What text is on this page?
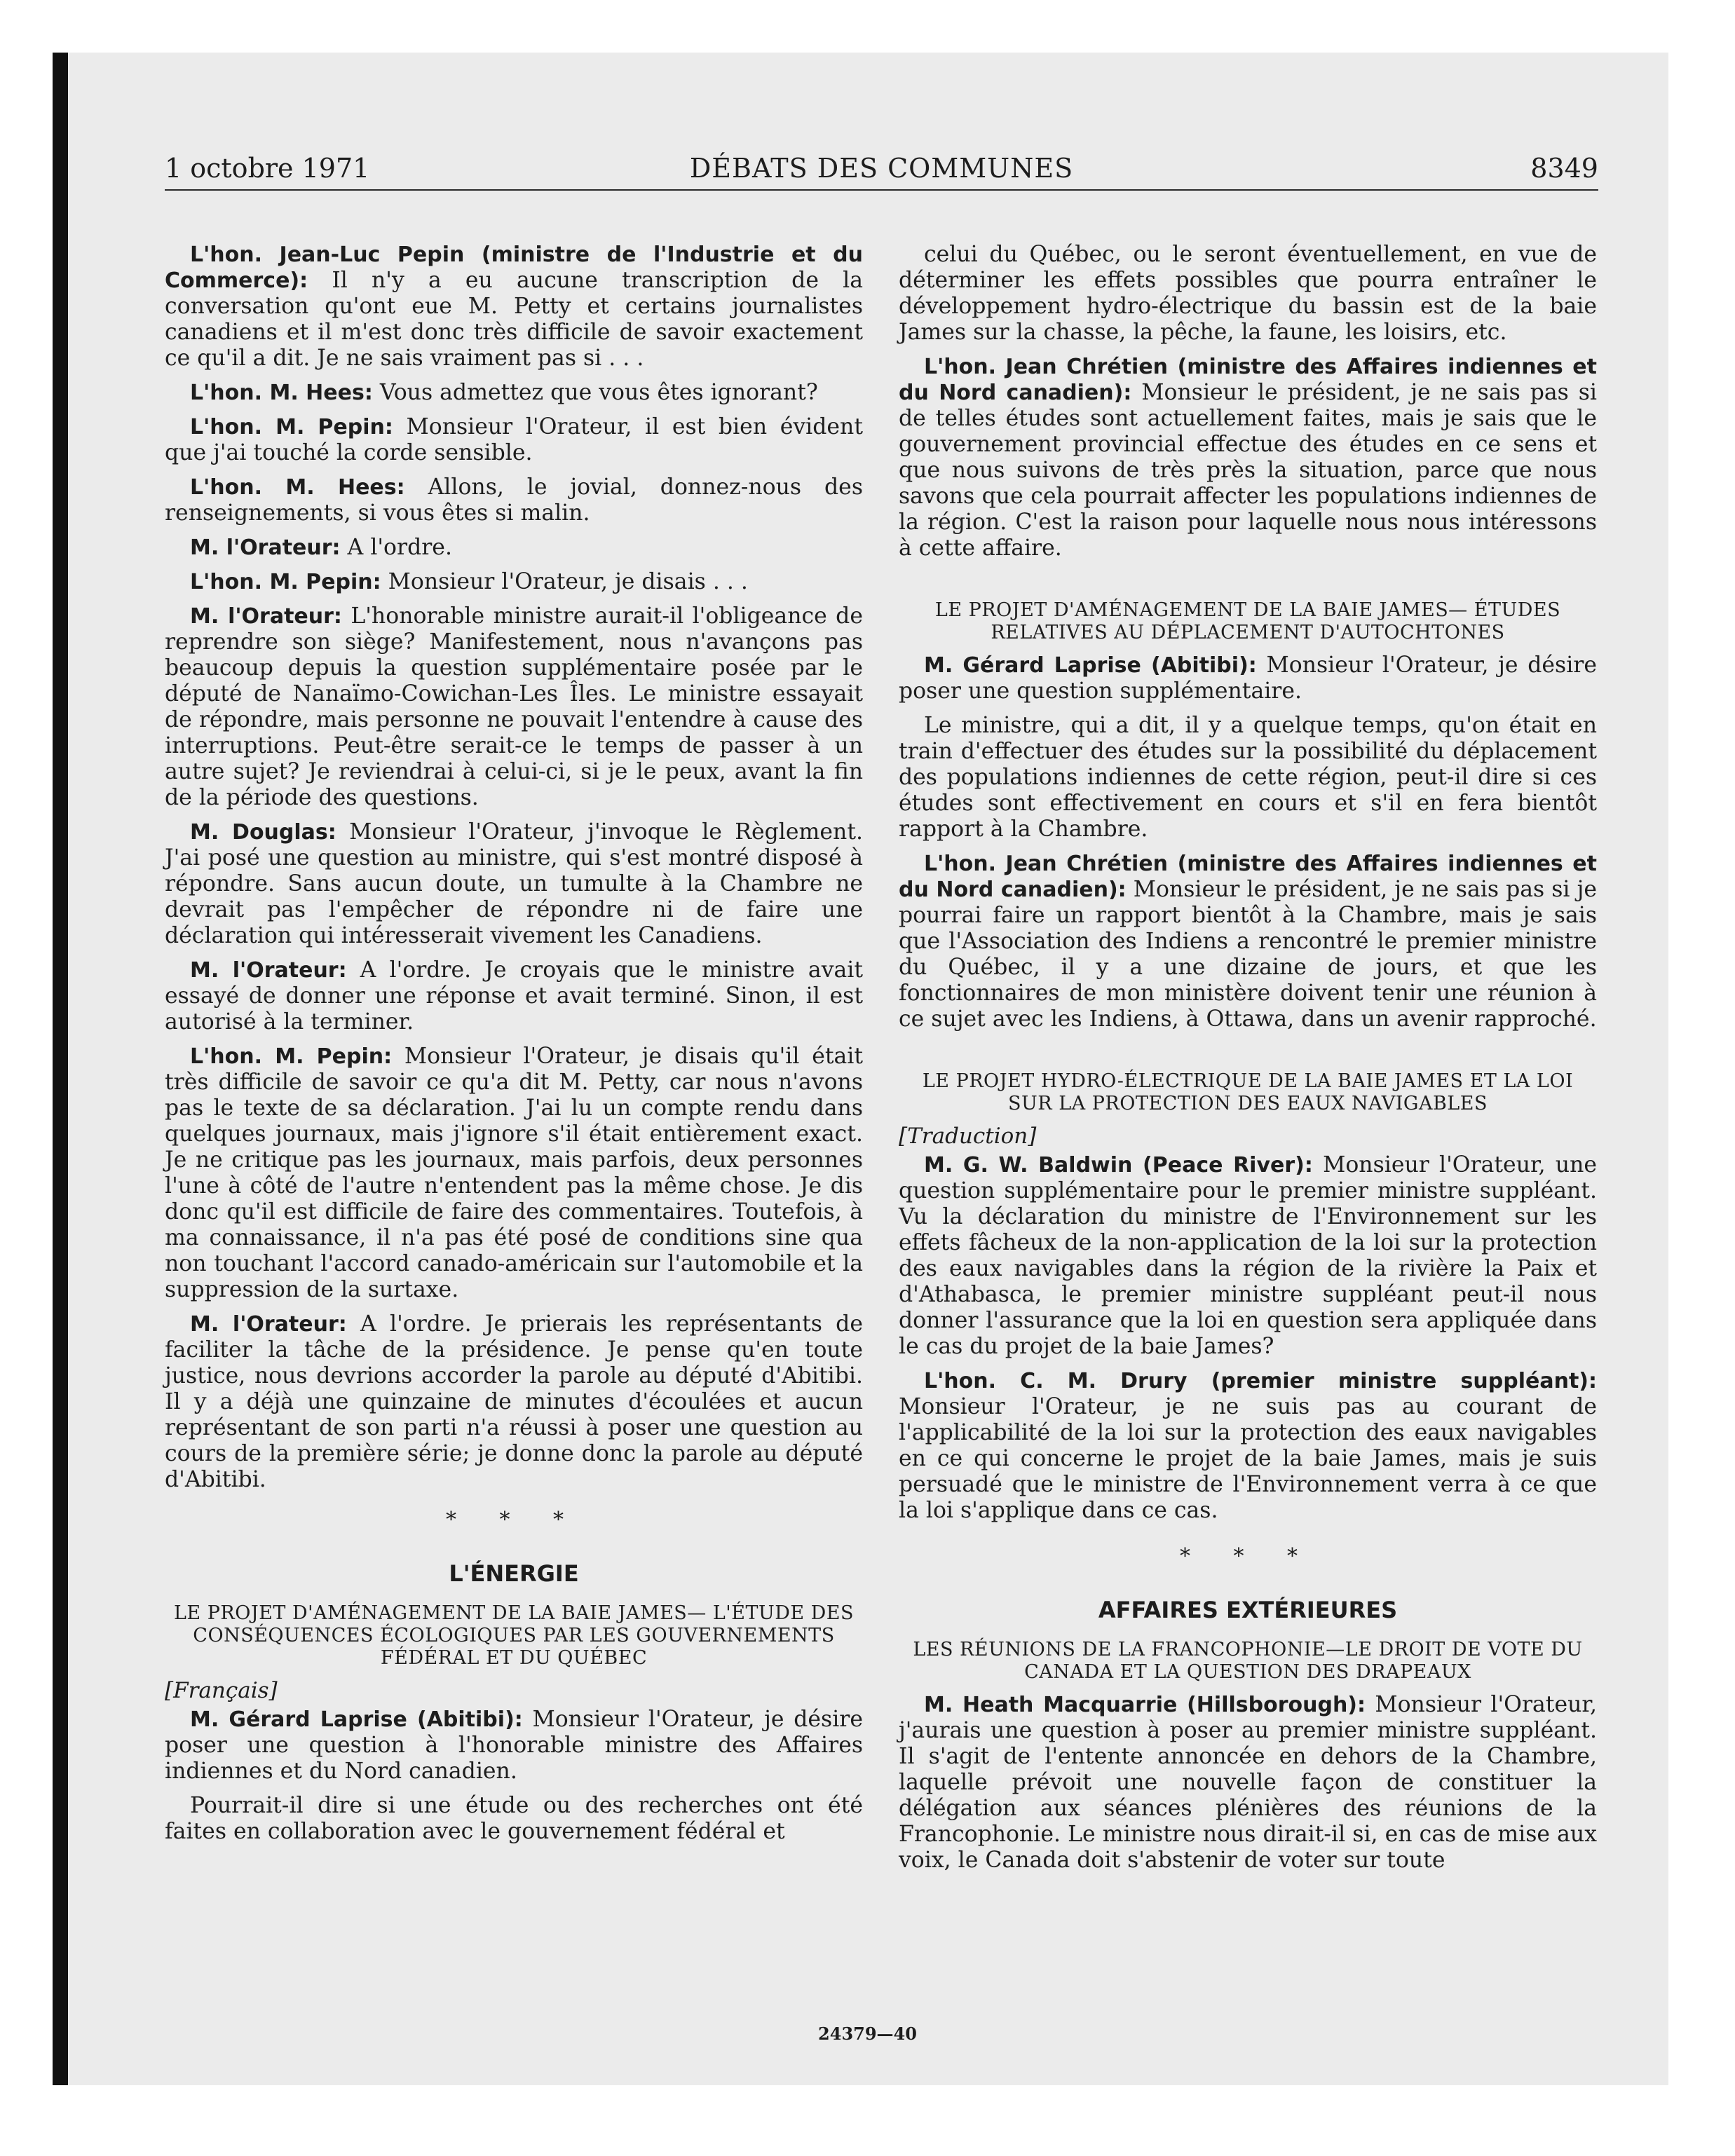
1 octobre 1971	DÉBATS DES COMMUNES	8349

L'hon. Jean-Luc Pepin (ministre de l'Industrie et du Commerce): Il n'y a eu aucune transcription de la conversation qu'ont eue M. Petty et certains journalistes canadiens et il m'est donc très difficile de savoir exactement ce qu'il a dit. Je ne sais vraiment pas si . . .

L'hon. M. Hees: Vous admettez que vous êtes ignorant?

L'hon. M. Pepin: Monsieur l'Orateur, il est bien évident que j'ai touché la corde sensible.

L'hon. M. Hees: Allons, le jovial, donnez-nous des renseignements, si vous êtes si malin.

M. l'Orateur: A l'ordre.

L'hon. M. Pepin: Monsieur l'Orateur, je disais . . .

M. l'Orateur: L'honorable ministre aurait-il l'obligeance de reprendre son siège? Manifestement, nous n'avançons pas beaucoup depuis la question supplémentaire posée par le député de Nanaïmo-Cowichan-Les Îles. Le ministre essayait de répondre, mais personne ne pouvait l'entendre à cause des interruptions. Peut-être serait-ce le temps de passer à un autre sujet? Je reviendrai à celui-ci, si je le peux, avant la fin de la période des questions.

M. Douglas: Monsieur l'Orateur, j'invoque le Règlement. J'ai posé une question au ministre, qui s'est montré disposé à répondre. Sans aucun doute, un tumulte à la Chambre ne devrait pas l'empêcher de répondre ni de faire une déclaration qui intéresserait vivement les Canadiens.

M. l'Orateur: A l'ordre. Je croyais que le ministre avait essayé de donner une réponse et avait terminé. Sinon, il est autorisé à la terminer.

L'hon. M. Pepin: Monsieur l'Orateur, je disais qu'il était très difficile de savoir ce qu'a dit M. Petty, car nous n'avons pas le texte de sa déclaration. J'ai lu un compte rendu dans quelques journaux, mais j'ignore s'il était entièrement exact. Je ne critique pas les journaux, mais parfois, deux personnes l'une à côté de l'autre n'entendent pas la même chose. Je dis donc qu'il est difficile de faire des commentaires. Toutefois, à ma connaissance, il n'a pas été posé de conditions sine qua non touchant l'accord canado-américain sur l'automobile et la suppression de la surtaxe.

M. l'Orateur: A l'ordre. Je prierais les représentants de faciliter la tâche de la présidence. Je pense qu'en toute justice, nous devrions accorder la parole au député d'Abitibi. Il y a déjà une quinzaine de minutes d'écoulées et aucun représentant de son parti n'a réussi à poser une question au cours de la première série; je donne donc la parole au député d'Abitibi.

* * *
L'ÉNERGIE
LE PROJET D'AMÉNAGEMENT DE LA BAIE JAMES— L'ÉTUDE DES CONSÉQUENCES ÉCOLOGIQUES PAR LES GOUVERNEMENTS FÉDÉRAL ET DU QUÉBEC
[Français]

M. Gérard Laprise (Abitibi): Monsieur l'Orateur, je désire poser une question à l'honorable ministre des Affaires indiennes et du Nord canadien.

Pourrait-il dire si une étude ou des recherches ont été faites en collaboration avec le gouvernement fédéral et

celui du Québec, ou le seront éventuellement, en vue de déterminer les effets possibles que pourra entraîner le développement hydro-électrique du bassin est de la baie James sur la chasse, la pêche, la faune, les loisirs, etc.

L'hon. Jean Chrétien (ministre des Affaires indiennes et du Nord canadien): Monsieur le président, je ne sais pas si de telles études sont actuellement faites, mais je sais que le gouvernement provincial effectue des études en ce sens et que nous suivons de très près la situation, parce que nous savons que cela pourrait affecter les populations indiennes de la région. C'est la raison pour laquelle nous nous intéressons à cette affaire.

LE PROJET D'AMÉNAGEMENT DE LA BAIE JAMES— ÉTUDES RELATIVES AU DÉPLACEMENT D'AUTOCHTONES

M. Gérard Laprise (Abitibi): Monsieur l'Orateur, je désire poser une question supplémentaire.

Le ministre, qui a dit, il y a quelque temps, qu'on était en train d'effectuer des études sur la possibilité du déplacement des populations indiennes de cette région, peut-il dire si ces études sont effectivement en cours et s'il en fera bientôt rapport à la Chambre.

L'hon. Jean Chrétien (ministre des Affaires indiennes et du Nord canadien): Monsieur le président, je ne sais pas si je pourrai faire un rapport bientôt à la Chambre, mais je sais que l'Association des Indiens a rencontré le premier ministre du Québec, il y a une dizaine de jours, et que les fonctionnaires de mon ministère doivent tenir une réunion à ce sujet avec les Indiens, à Ottawa, dans un avenir rapproché.

LE PROJET HYDRO-ÉLECTRIQUE DE LA BAIE JAMES ET LA LOI SUR LA PROTECTION DES EAUX NAVIGABLES
[Traduction]

M. G. W. Baldwin (Peace River): Monsieur l'Orateur, une question supplémentaire pour le premier ministre suppléant. Vu la déclaration du ministre de l'Environnement sur les effets fâcheux de la non-application de la loi sur la protection des eaux navigables dans la région de la rivière la Paix et d'Athabasca, le premier ministre suppléant peut-il nous donner l'assurance que la loi en question sera appliquée dans le cas du projet de la baie James?

L'hon. C. M. Drury (premier ministre suppléant): Monsieur l'Orateur, je ne suis pas au courant de l'applicabilité de la loi sur la protection des eaux navigables en ce qui concerne le projet de la baie James, mais je suis persuadé que le ministre de l'Environnement verra à ce que la loi s'applique dans ce cas.

* * *
AFFAIRES EXTÉRIEURES
LES RÉUNIONS DE LA FRANCOPHONIE—LE DROIT DE VOTE DU CANADA ET LA QUESTION DES DRAPEAUX

M. Heath Macquarrie (Hillsborough): Monsieur l'Orateur, j'aurais une question à poser au premier ministre suppléant. Il s'agit de l'entente annoncée en dehors de la Chambre, laquelle prévoit une nouvelle façon de constituer la délégation aux séances plénières des réunions de la Francophonie. Le ministre nous dirait-il si, en cas de mise aux voix, le Canada doit s'abstenir de voter sur toute

24379—40
